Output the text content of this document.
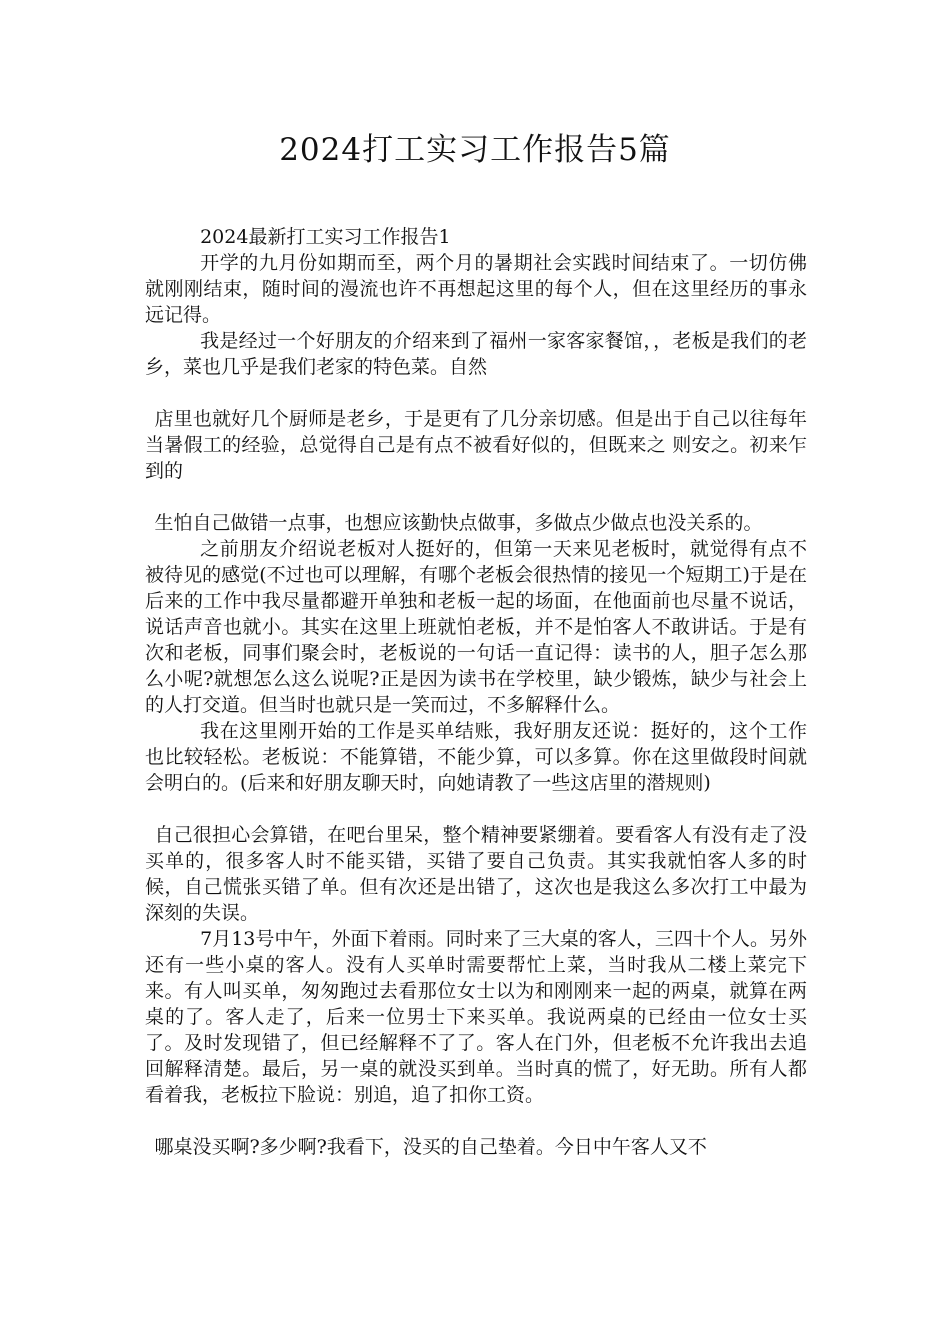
2024打工实习工作报告5篇

2024最新打工实习工作报告1

开学的九月份如期而至，两个月的暑期社会实践时间结束了。一切仿佛就刚刚结束，随时间的漫流也许不再想起这里的每个人，但在这里经历的事永远记得。

我是经过一个好朋友的介绍来到了福州一家客家餐馆，，老板是我们的老乡，菜也几乎是我们老家的特色菜。自然

店里也就好几个厨师是老乡，于是更有了几分亲切感。但是出于自己以往每年当暑假工的经验，总觉得自己是有点不被看好似的，但既来之 则安之。初来乍到的

生怕自己做错一点事，也想应该勤快点做事，多做点少做点也没关系的。

之前朋友介绍说老板对人挺好的，但第一天来见老板时，就觉得有点不被待见的感觉(不过也可以理解，有哪个老板会很热情的接见一个短期工)于是在后来的工作中我尽量都避开单独和老板一起的场面，在他面前也尽量不说话，说话声音也就小。其实在这里上班就怕老板，并不是怕客人不敢讲话。于是有次和老板，同事们聚会时，老板说的一句话一直记得：读书的人，胆子怎么那么小呢?就想怎么这么说呢?正是因为读书在学校里，缺少锻炼，缺少与社会上的人打交道。但当时也就只是一笑而过，不多解释什么。

我在这里刚开始的工作是买单结账，我好朋友还说：挺好的，这个工作也比较轻松。老板说：不能算错，不能少算，可以多算。你在这里做段时间就会明白的。(后来和好朋友聊天时，向她请教了一些这店里的潜规则)

自己很担心会算错，在吧台里呆，整个精神要紧绷着。要看客人有没有走了没买单的，很多客人时不能买错，买错了要自己负责。其实我就怕客人多的时候，自己慌张买错了单。但有次还是出错了，这次也是我这么多次打工中最为深刻的失误。

7月13号中午，外面下着雨。同时来了三大桌的客人，三四十个人。另外还有一些小桌的客人。没有人买单时需要帮忙上菜，当时我从二楼上菜完下来。有人叫买单，匆匆跑过去看那位女士以为和刚刚来一起的两桌，就算在两桌的了。客人走了，后来一位男士下来买单。我说两桌的已经由一位女士买了。及时发现错了，但已经解释不了了。客人在门外，但老板不允许我出去追回解释清楚。最后，另一桌的就没买到单。当时真的慌了，好无助。所有人都看着我，老板拉下脸说：别追，追了扣你工资。

哪桌没买啊?多少啊?我看下，没买的自己垫着。今日中午客人又不
